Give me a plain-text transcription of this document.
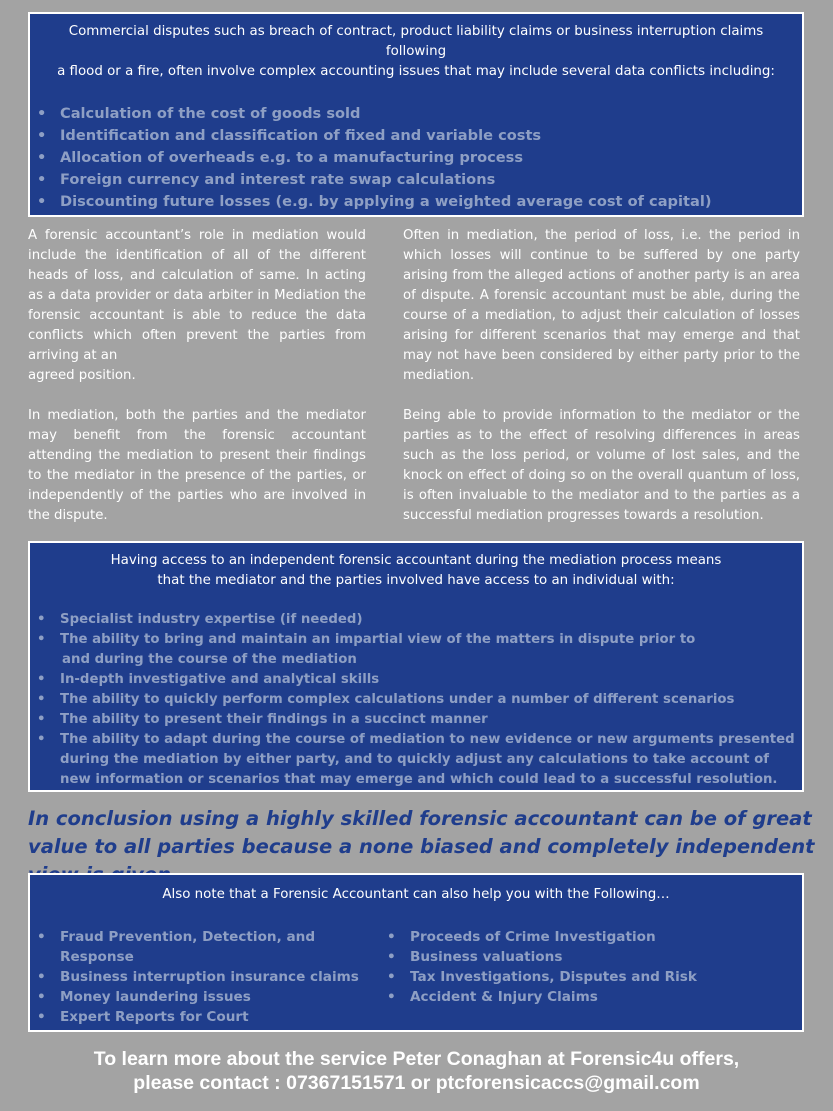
Commercial disputes such as breach of contract, product liability claims or business interruption claims following
a flood or a fire, often involve complex accounting issues that may include several data conflicts including:
• Calculation of the cost of goods sold
• Identification and classification of fixed and variable costs
• Allocation of overheads e.g. to a manufacturing process
• Foreign currency and interest rate swap calculations
• Discounting future losses (e.g. by applying a weighted average cost of capital)

A forensic accountant’s role in mediation would include the identification of all of the different heads of loss, and calculation of same. In acting as a data provider or data arbiter in Mediation the forensic accountant is able to reduce the data conflicts which often prevent the parties from arriving at an
agreed position.

In mediation, both the parties and the mediator may benefit from the forensic accountant attending the mediation to present their findings to the mediator in the presence of the parties, or independently of the parties who are involved in the dispute.

Often in mediation, the period of loss, i.e. the period in which losses will continue to be suffered by one party arising from the alleged actions of another party is an area of dispute. A forensic accountant must be able, during the course of a mediation, to adjust their calculation of losses arising for different scenarios that may emerge and that may not have been considered by either party prior to the mediation.

Being able to provide information to the mediator or the parties as to the effect of resolving differences in areas such as the loss period, or volume of lost sales, and the knock on effect of doing so on the overall quantum of loss, is often invaluable to the mediator and to the parties as a successful mediation progresses towards a resolution.

Having access to an independent forensic accountant during the mediation process means
that the mediator and the parties involved have access to an individual with:
• Specialist industry expertise (if needed)
• The ability to bring and maintain an impartial view of the matters in dispute prior to
and during the course of the mediation
• In-depth investigative and analytical skills
• The ability to quickly perform complex calculations under a number of different scenarios
• The ability to present their findings in a succinct manner
• The ability to adapt during the course of mediation to new evidence or new arguments presented during the mediation by either party, and to quickly adjust any calculations to take account of new information or scenarios that may emerge and which could lead to a successful resolution.

In conclusion using a highly skilled forensic accountant can be of great value to all parties because a none biased and completely independent

Also note that a Forensic Accountant can also help you with the Following…
• Fraud Prevention, Detection, and Response
• Business interruption insurance claims
• Money laundering issues
• Expert Reports for Court
• Proceeds of Crime Investigation
• Business valuations
• Tax Investigations, Disputes and Risk
• Accident & Injury Claims
To learn more about the service Peter Conaghan at Forensic4u offers,
please contact : 07367151571 or ptcforensicaccs@gmail.com
